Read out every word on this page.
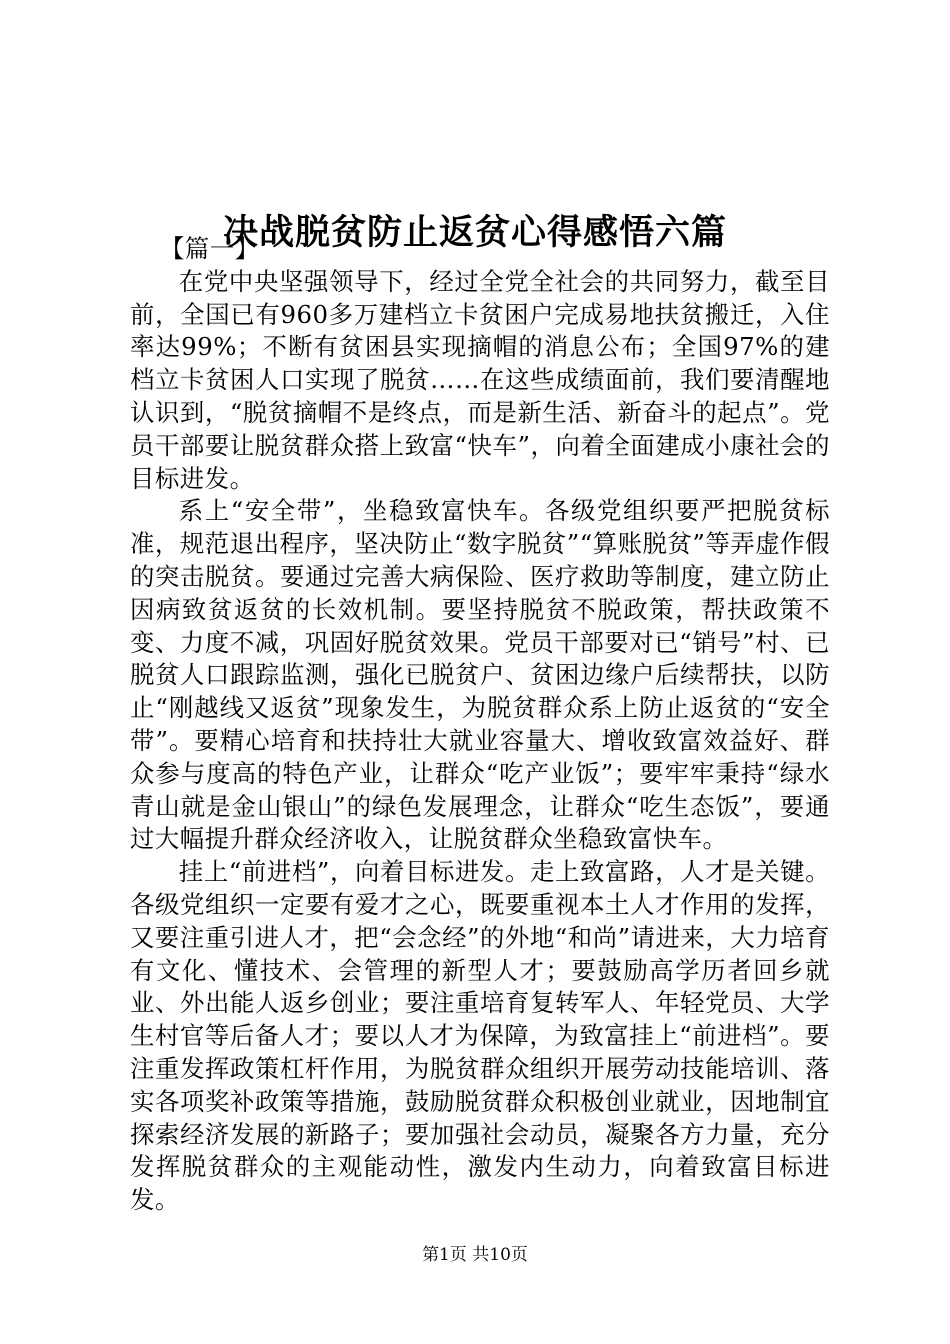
决战脱贫防止返贫心得感悟六篇

【篇一】

在党中央坚强领导下，经过全党全社会的共同努力，截至目前，全国已有960多万建档立卡贫困户完成易地扶贫搬迁，入住率达99%；不断有贫困县实现摘帽的消息公布；全国97%的建档立卡贫困人口实现了脱贫……在这些成绩面前，我们要清醒地认识到，“脱贫摘帽不是终点，而是新生活、新奋斗的起点”。党员干部要让脱贫群众搭上致富“快车”，向着全面建成小康社会的目标进发。

系上“安全带”，坐稳致富快车。各级党组织要严把脱贫标准，规范退出程序，坚决防止“数字脱贫”“算账脱贫”等弄虚作假的突击脱贫。要通过完善大病保险、医疗救助等制度，建立防止因病致贫返贫的长效机制。要坚持脱贫不脱政策，帮扶政策不变、力度不减，巩固好脱贫效果。党员干部要对已“销号”村、已脱贫人口跟踪监测，强化已脱贫户、贫困边缘户后续帮扶，以防止“刚越线又返贫”现象发生，为脱贫群众系上防止返贫的“安全带”。要精心培育和扶持壮大就业容量大、增收致富效益好、群众参与度高的特色产业，让群众“吃产业饭”；要牢牢秉持“绿水青山就是金山银山”的绿色发展理念，让群众“吃生态饭”，要通过大幅提升群众经济收入，让脱贫群众坐稳致富快车。

挂上“前进档”，向着目标进发。走上致富路，人才是关键。各级党组织一定要有爱才之心，既要重视本土人才作用的发挥，又要注重引进人才，把“会念经”的外地“和尚”请进来，大力培育有文化、懂技术、会管理的新型人才；要鼓励高学历者回乡就业、外出能人返乡创业；要注重培育复转军人、年轻党员、大学生村官等后备人才；要以人才为保障，为致富挂上“前进档”。要注重发挥政策杠杆作用，为脱贫群众组织开展劳动技能培训、落实各项奖补政策等措施，鼓励脱贫群众积极创业就业，因地制宜探索经济发展的新路子；要加强社会动员，凝聚各方力量，充分发挥脱贫群众的主观能动性，激发内生动力，向着致富目标进发。

第1页 共10页
